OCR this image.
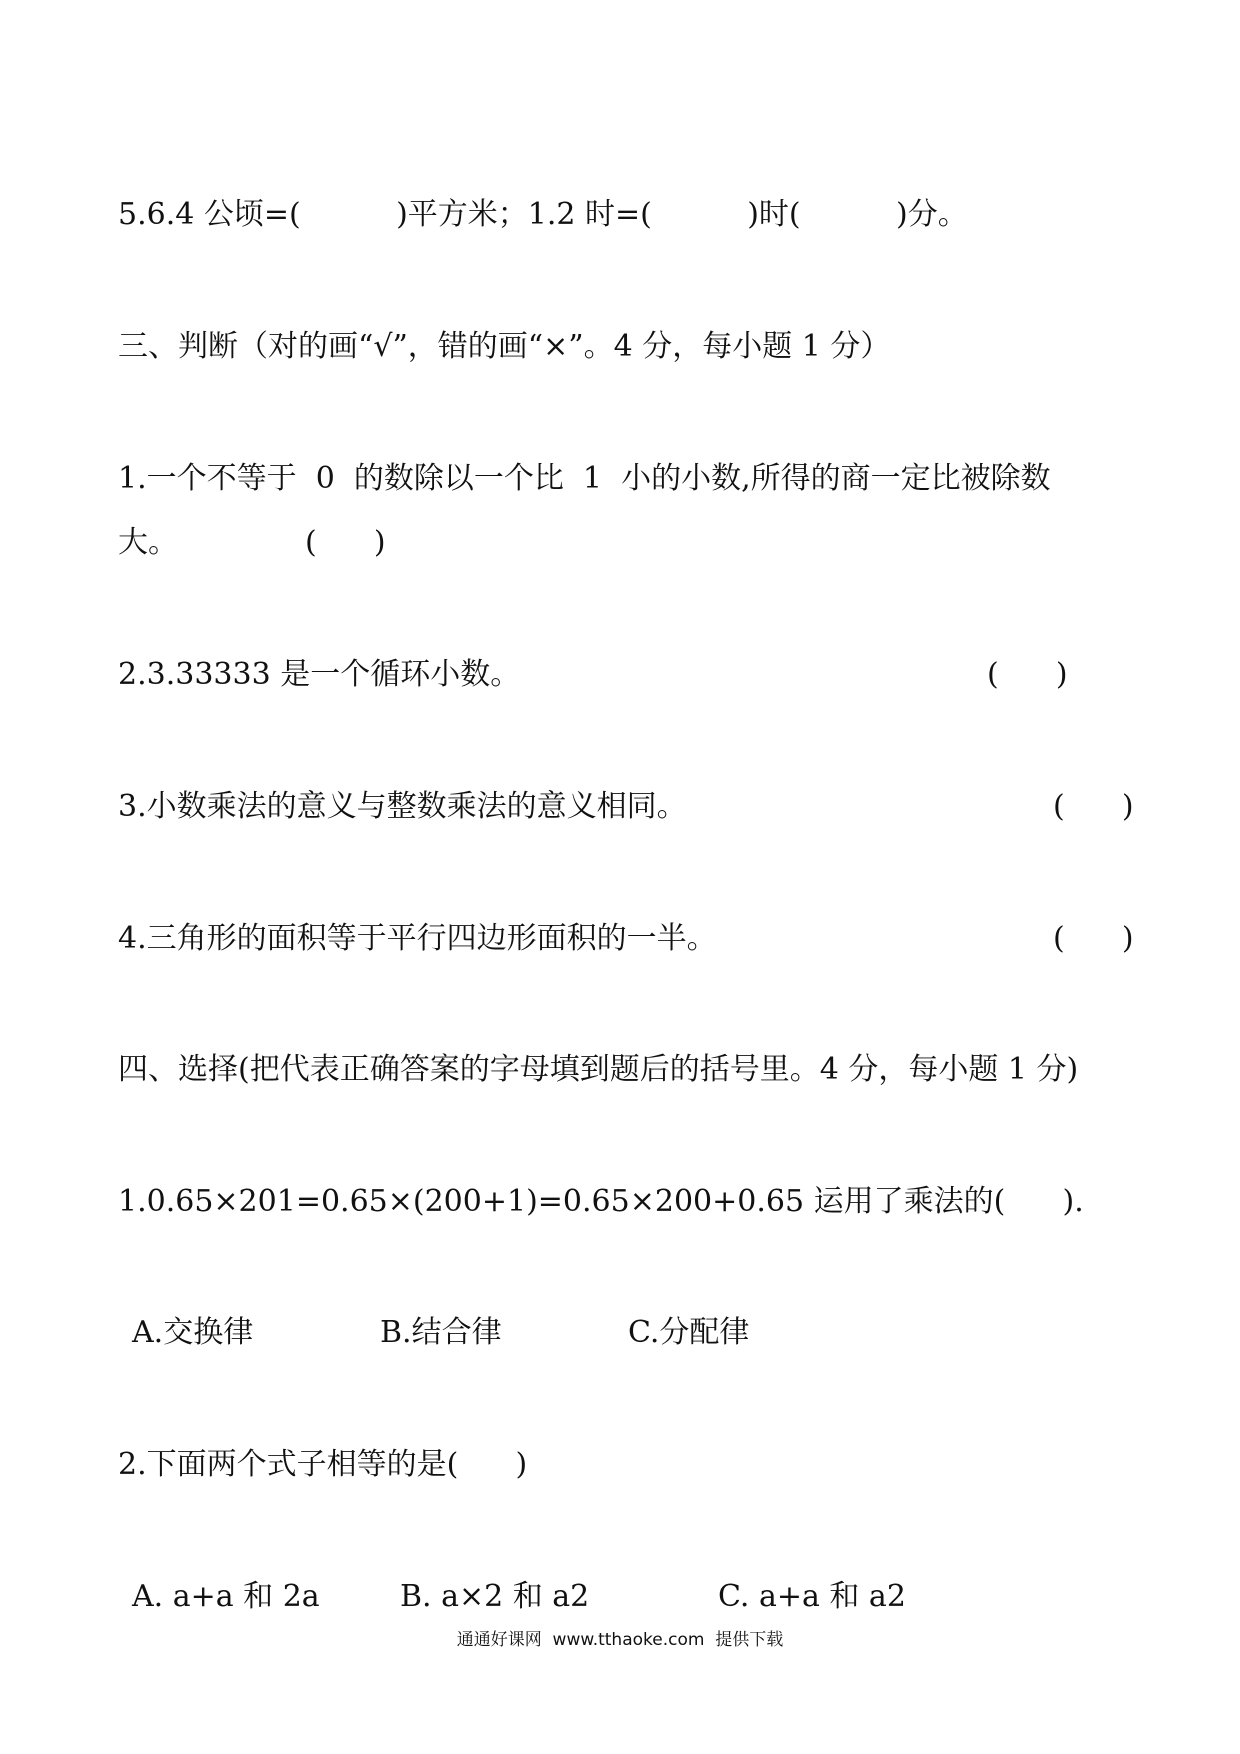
5.6.4 公顷=(          )平方米；1.2 时=(          )时(          )分。
三、判断（对的画“√”，错的画“×”。4 分，每小题 1 分）
1.一个不等于  0  的数除以一个比  1  小的小数,所得的商一定比被除数
大。	(      )
2.3.33333 是一个循环小数。	(      )
3.小数乘法的意义与整数乘法的意义相同。	(      )
4.三角形的面积等于平行四边形面积的一半。	(      )
四、选择(把代表正确答案的字母填到题后的括号里。4 分，每小题 1 分)
1.0.65×201=0.65×(200+1)=0.65×200+0.65 运用了乘法的(      ).
A.交换律	B.结合律	C.分配律
2.下面两个式子相等的是(      )
A. a+a 和 2a	B. a×2 和 a2	C. a+a 和 a2
通通好课网  www.tthaoke.com  提供下载
